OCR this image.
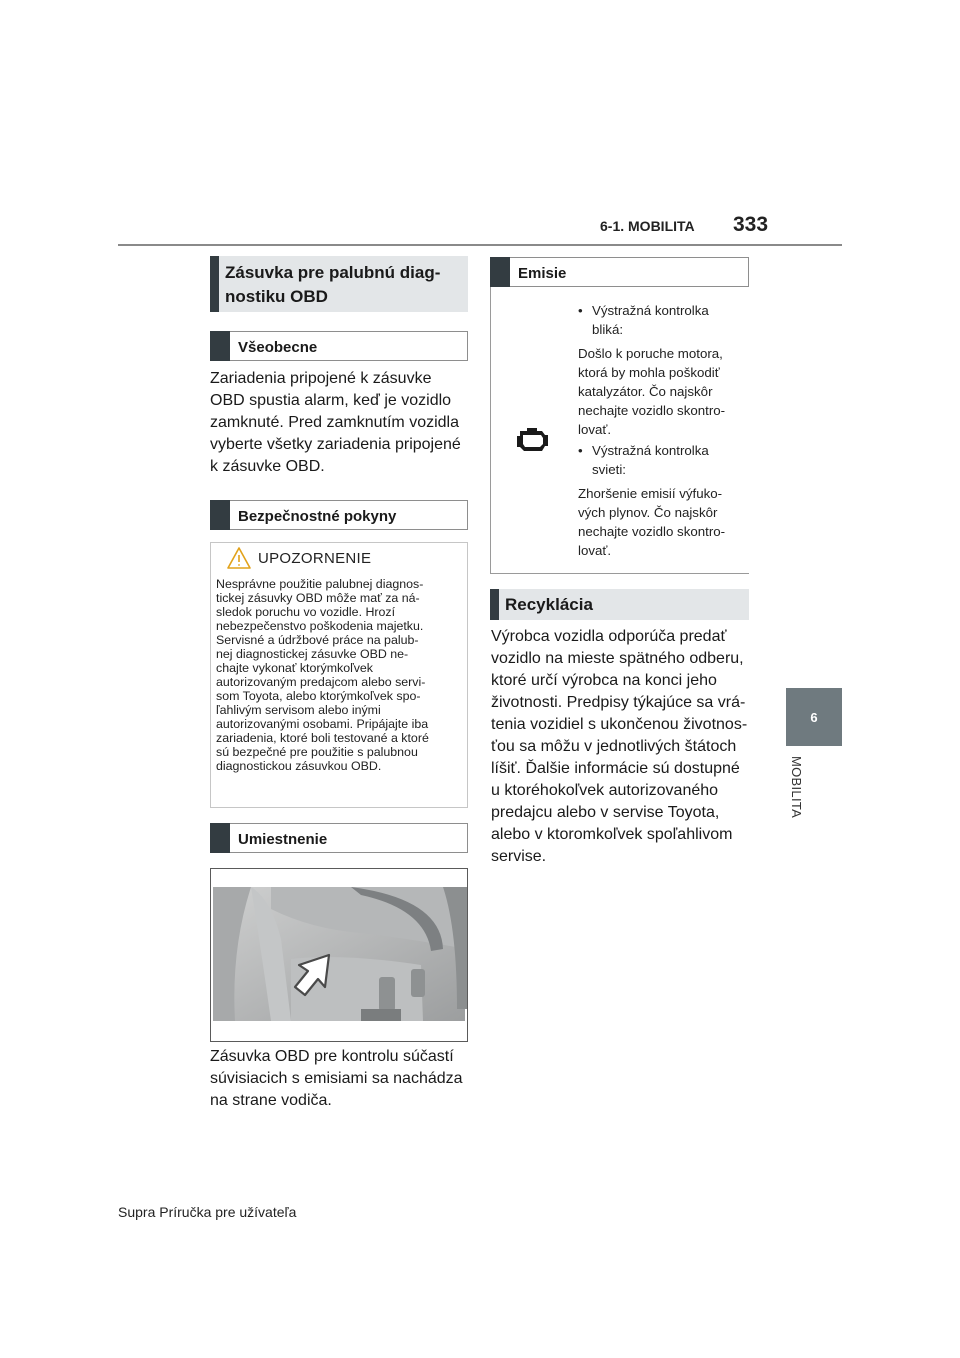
6-1. MOBILITA 333
6
MOBILITA
Zásuvka pre palubnú diag-
nostiku OBD
Všeobecne
Zariadenia pripojené k zásuvke
OBD spustia alarm, keď je vozidlo
zamknuté. Pred zamknutím vozidla
vyberte všetky zariadenia pripojené
k zásuvke OBD.
Bezpečnostné pokyny
UPOZORNENIE
Nesprávne použitie palubnej diagnos-
tickej zásuvky OBD môže mať za ná-
sledok poruchu vo vozidle. Hrozí
nebezpečenstvo poškodenia majetku.
Servisné a údržbové práce na palub-
nej diagnostickej zásuvke OBD ne-
chajte vykonať ktorýmkoľvek
autorizovaným predajcom alebo servi-
som Toyota, alebo ktorýmkoľvek spo-
ľahlivým servisom alebo inými
autorizovanými osobami. Pripájajte iba
zariadenia, ktoré boli testované a ktoré
sú bezpečné pre použitie s palubnou
diagnostickou zásuvkou OBD.
Umiestnenie
Zásuvka OBD pre kontrolu súčastí
súvisiacich s emisiami sa nachádza
na strane vodiča.
Emisie
• Výstražná kontrolka
bliká:
Došlo k poruche motora,
ktorá by mohla poškodiť
katalyzátor. Čo najskôr
nechajte vozidlo skontro-
lovať.
• Výstražná kontrolka
svieti:
Zhoršenie emisií výfuko-
vých plynov. Čo najskôr
nechajte vozidlo skontro-
lovať.
Recyklácia
Výrobca vozidla odporúča predať
vozidlo na mieste spätného odberu,
ktoré určí výrobca na konci jeho
životnosti. Predpisy týkajúce sa vrá-
tenia vozidiel s ukončenou životnos-
ťou sa môžu v jednotlivých štátoch
líšiť. Ďalšie informácie sú dostupné
u ktoréhokoľvek autorizovaného
predajcu alebo v servise Toyota,
alebo v ktoromkoľvek spoľahlivom
servise.
Supra Príručka pre užívateľa
